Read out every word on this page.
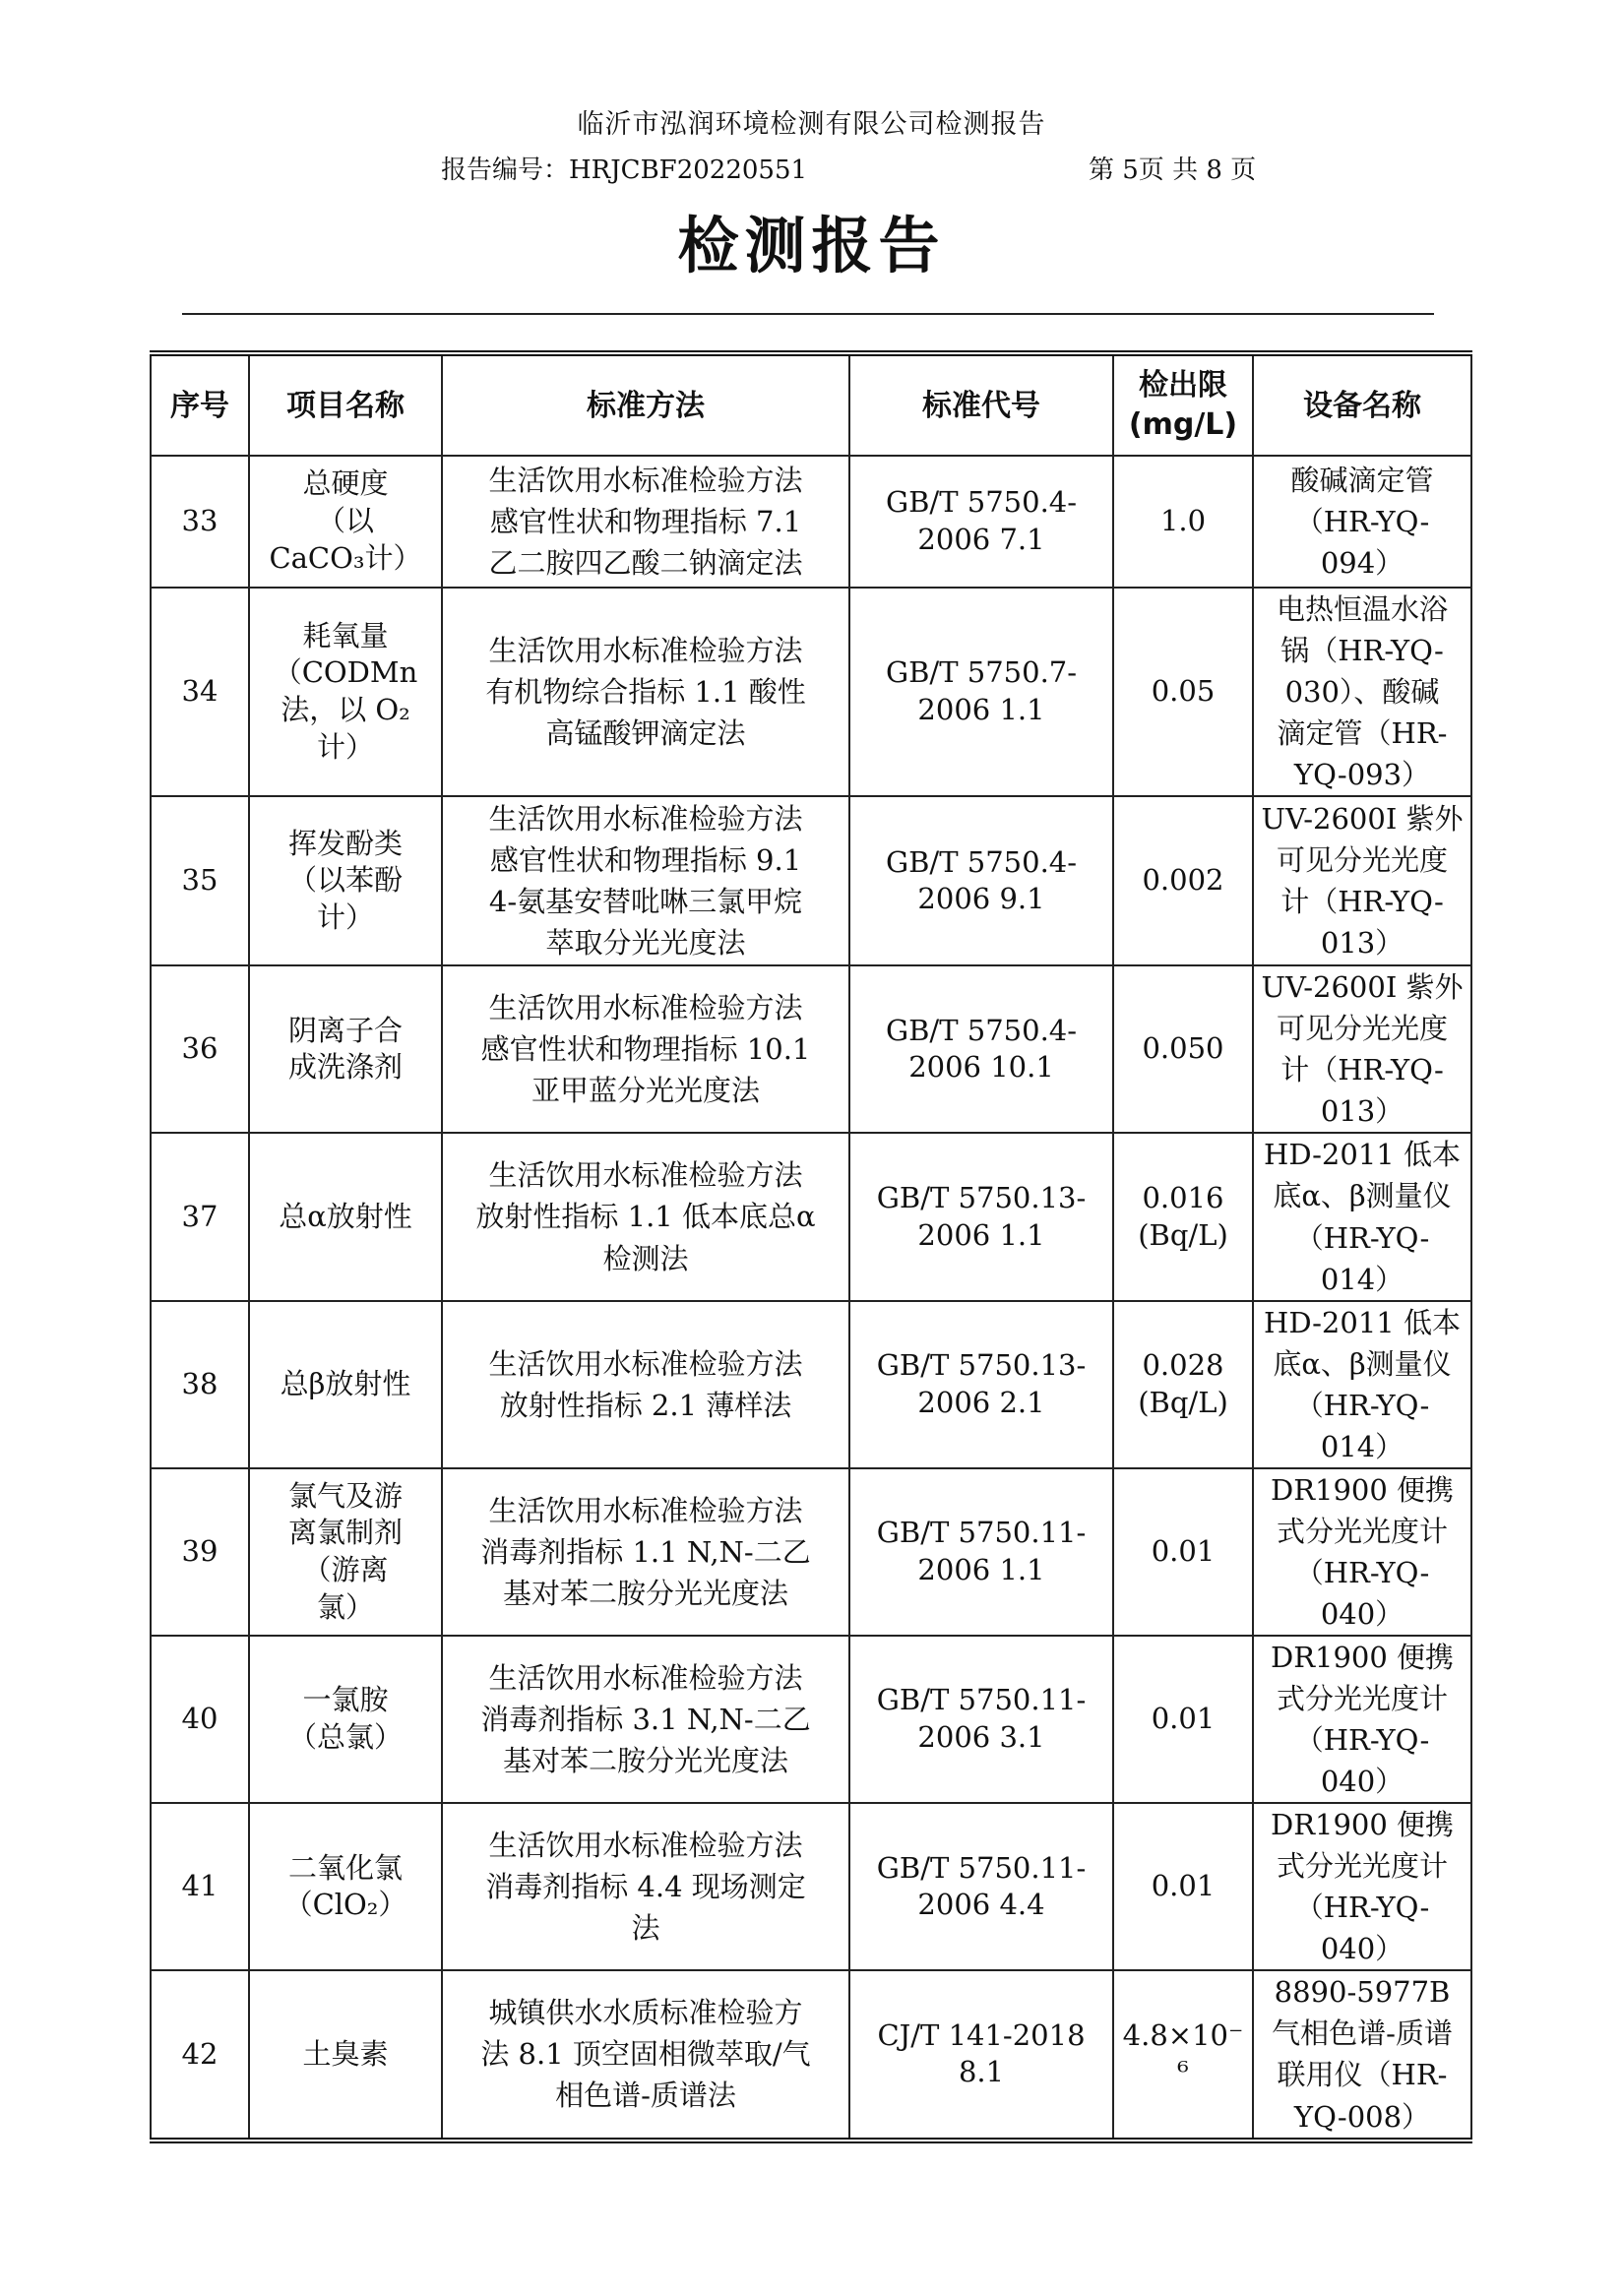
临沂市泓润环境检测有限公司检测报告
报告编号：HRJCBF20220551	第 5页 共 8 页
检测报告
序号	项目名称	标准方法	标准代号	检出限
(mg/L)	设备名称
33	总硬度
（以
CaCO₃计）	生活饮用水标准检验方法
感官性状和物理指标 7.1
乙二胺四乙酸二钠滴定法	GB/T 5750.4-
2006 7.1	1.0	酸碱滴定管
（HR-YQ-
094）
34	耗氧量
（CODMn
法，以 O₂
计）	生活饮用水标准检验方法
有机物综合指标 1.1 酸性
高锰酸钾滴定法	GB/T 5750.7-
2006 1.1	0.05	电热恒温水浴
锅（HR-YQ-
030）、酸碱
滴定管（HR-
YQ-093）
35	挥发酚类
（以苯酚
计）	生活饮用水标准检验方法
感官性状和物理指标 9.1
4-氨基安替吡啉三氯甲烷
萃取分光光度法	GB/T 5750.4-
2006 9.1	0.002	UV-2600I 紫外
可见分光光度
计（HR-YQ-
013）
36	阴离子合
成洗涤剂	生活饮用水标准检验方法
感官性状和物理指标 10.1
亚甲蓝分光光度法	GB/T 5750.4-
2006 10.1	0.050	UV-2600I 紫外
可见分光光度
计（HR-YQ-
013）
37	总α放射性	生活饮用水标准检验方法
放射性指标 1.1 低本底总α
检测法	GB/T 5750.13-
2006 1.1	0.016
(Bq/L)	HD-2011 低本
底α、β测量仪
（HR-YQ-
014）
38	总β放射性	生活饮用水标准检验方法
放射性指标 2.1 薄样法	GB/T 5750.13-
2006 2.1	0.028
(Bq/L)	HD-2011 低本
底α、β测量仪
（HR-YQ-
014）
39	氯气及游
离氯制剂
（游离
氯）	生活饮用水标准检验方法
消毒剂指标 1.1 N,N-二乙
基对苯二胺分光光度法	GB/T 5750.11-
2006 1.1	0.01	DR1900 便携
式分光光度计
（HR-YQ-
040）
40	一氯胺
（总氯）	生活饮用水标准检验方法
消毒剂指标 3.1 N,N-二乙
基对苯二胺分光光度法	GB/T 5750.11-
2006 3.1	0.01	DR1900 便携
式分光光度计
（HR-YQ-
040）
41	二氧化氯
（ClO₂）	生活饮用水标准检验方法
消毒剂指标 4.4 现场测定
法	GB/T 5750.11-
2006 4.4	0.01	DR1900 便携
式分光光度计
（HR-YQ-
040）
42	土臭素	城镇供水水质标准检验方
法 8.1 顶空固相微萃取/气
相色谱-质谱法	CJ/T 141-2018
8.1	4.8×10⁻⁶	8890-5977B
气相色谱-质谱
联用仪（HR-
YQ-008）
